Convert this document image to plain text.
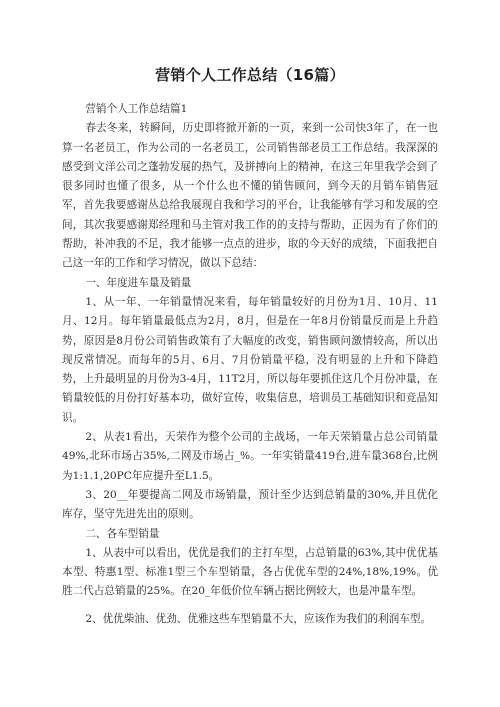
营销个人工作总结（16篇）

营销个人工作总结篇1

春去冬来，转瞬间，历史即将掀开新的一页，来到一公司快3年了，在一也算一名老员工，作为公司的一名老员工，公司销售部老员工工作总结。我深深的感受到文洋公司之蓬勃发展的热气，及拼搏向上的精神，在这三年里我学会到了很多同时也懂了很多，从一个什么也不懂的销售顾问，到今天的月销车销售冠军，首先我要感谢丛总给我展现自我和学习的平台，让我能够有学习和发展的空间，其次我要感谢郑经理和马主管对我工作的的支持与帮助，正因为有了你们的帮助，补冲我的不足，我才能够一点点的进步，取的今天好的成绩，下面我把自己这一年的工作和学习情况，做以下总结：

一、年度进车量及销量

1、从一年、一年销量情况来看，每年销量较好的月份为1月、10月、11月、12月。每年销量最低点为2月，8月，但是在一年8月份销量反而是上升趋势，原因是8月份公司销售政策有了大幅度的改变，销售顾问激情较高，所以出现反常情况。而每年的5月、6月、7月份销量平稳，没有明显的上升和下降趋势，上升最明显的月份为3-4月，11T2月，所以每年要抓住这几个月份冲量，在销量较低的月份打好基本功，做好宣传，收集信息，培训员工基础知识和竞品知识。

2、从表1看出，天荣作为整个公司的主战场，一年天荣销量占总公司销量49%,北环市场占35%,二网及市场占_%。一年实销量419台,进车量368台,比例为1:1.1,20PC年应提升至L1.5。

3、20__年要提高二网及市场销量，预计至少达到总销量的30%,并且优化库存，坚守先进先出的原则。

二、各车型销量

1、从表中可以看出，优优是我们的主打车型，占总销量的63%,其中优优基本型、特惠1型、标准1型三个车型销量，各占优优车型的24%,18%,19%。优胜二代占总销量的25%。在20_年低价位车辆占据比例较大，也是冲量车型。

2、优优柴油、优劲、优雅这些车型销量不大，应该作为我们的利润车型。
